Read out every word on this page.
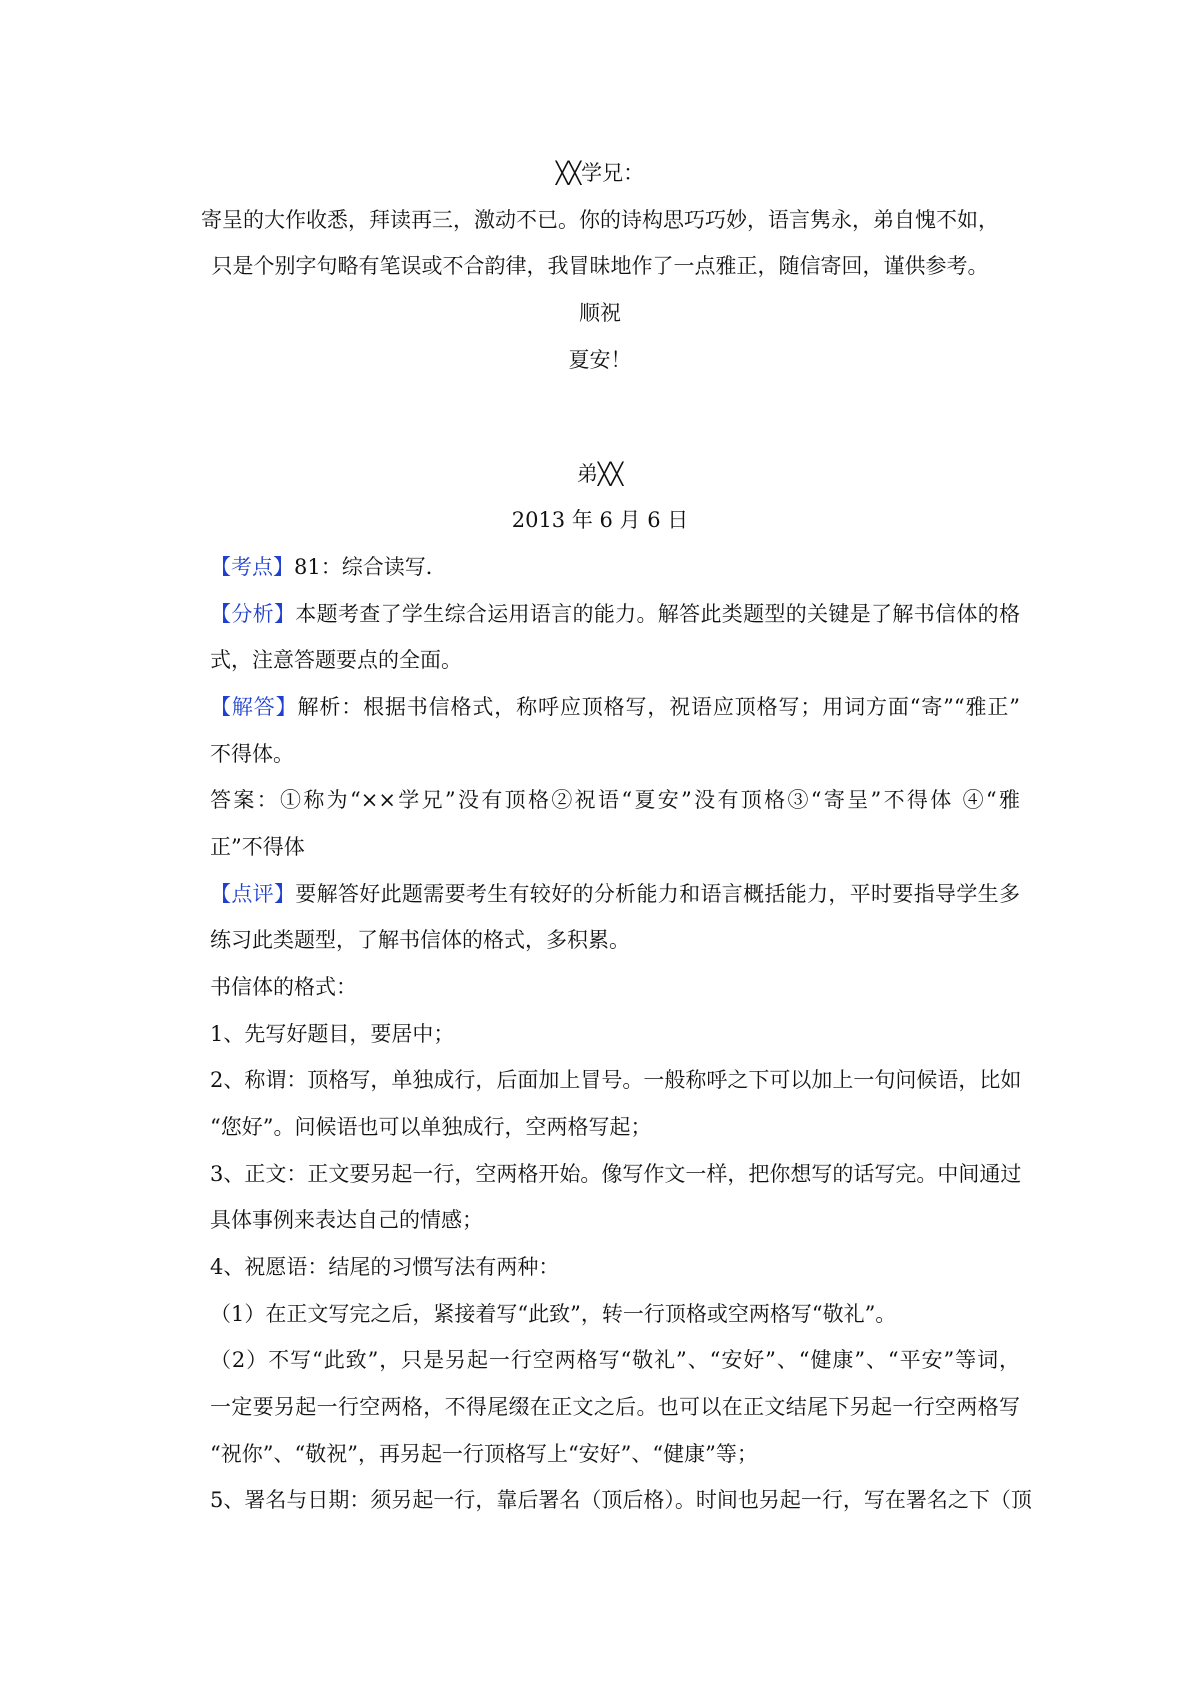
╳╳学兄：
寄呈的大作收悉，拜读再三，激动不已。你的诗构思巧巧妙，语言隽永，弟自愧不如，
只是个别字句略有笔误或不合韵律，我冒昧地作了一点雅正，随信寄回，谨供参考。
顺祝
夏安！
弟╳╳
2013 年 6 月 6 日
【考点】81：综合读写．
【分析】本题考查了学生综合运用语言的能力。解答此类题型的关键是了解书信体的格
式，注意答题要点的全面。
【解答】解析：根据书信格式，称呼应顶格写，祝语应顶格写；用词方面“寄”“雅正”
不得体。
答案：①称为“××学兄”没有顶格②祝语“夏安”没有顶格③“寄呈”不得体 ④“雅
正”不得体
【点评】要解答好此题需要考生有较好的分析能力和语言概括能力，平时要指导学生多
练习此类题型，了解书信体的格式，多积累。
书信体的格式：
1、先写好题目，要居中；
2、称谓：顶格写，单独成行，后面加上冒号。一般称呼之下可以加上一句问候语，比如
“您好”。问候语也可以单独成行，空两格写起；
3、正文：正文要另起一行，空两格开始。像写作文一样，把你想写的话写完。中间通过
具体事例来表达自己的情感；
4、祝愿语：结尾的习惯写法有两种：
（1）在正文写完之后，紧接着写“此致”，转一行顶格或空两格写“敬礼”。
（2）不写“此致”，只是另起一行空两格写“敬礼”、“安好”、“健康”、“平安”等词，
一定要另起一行空两格，不得尾缀在正文之后。也可以在正文结尾下另起一行空两格写
“祝你”、“敬祝”，再另起一行顶格写上“安好”、“健康”等；
5、署名与日期：须另起一行，靠后署名（顶后格）。时间也另起一行，写在署名之下（顶
